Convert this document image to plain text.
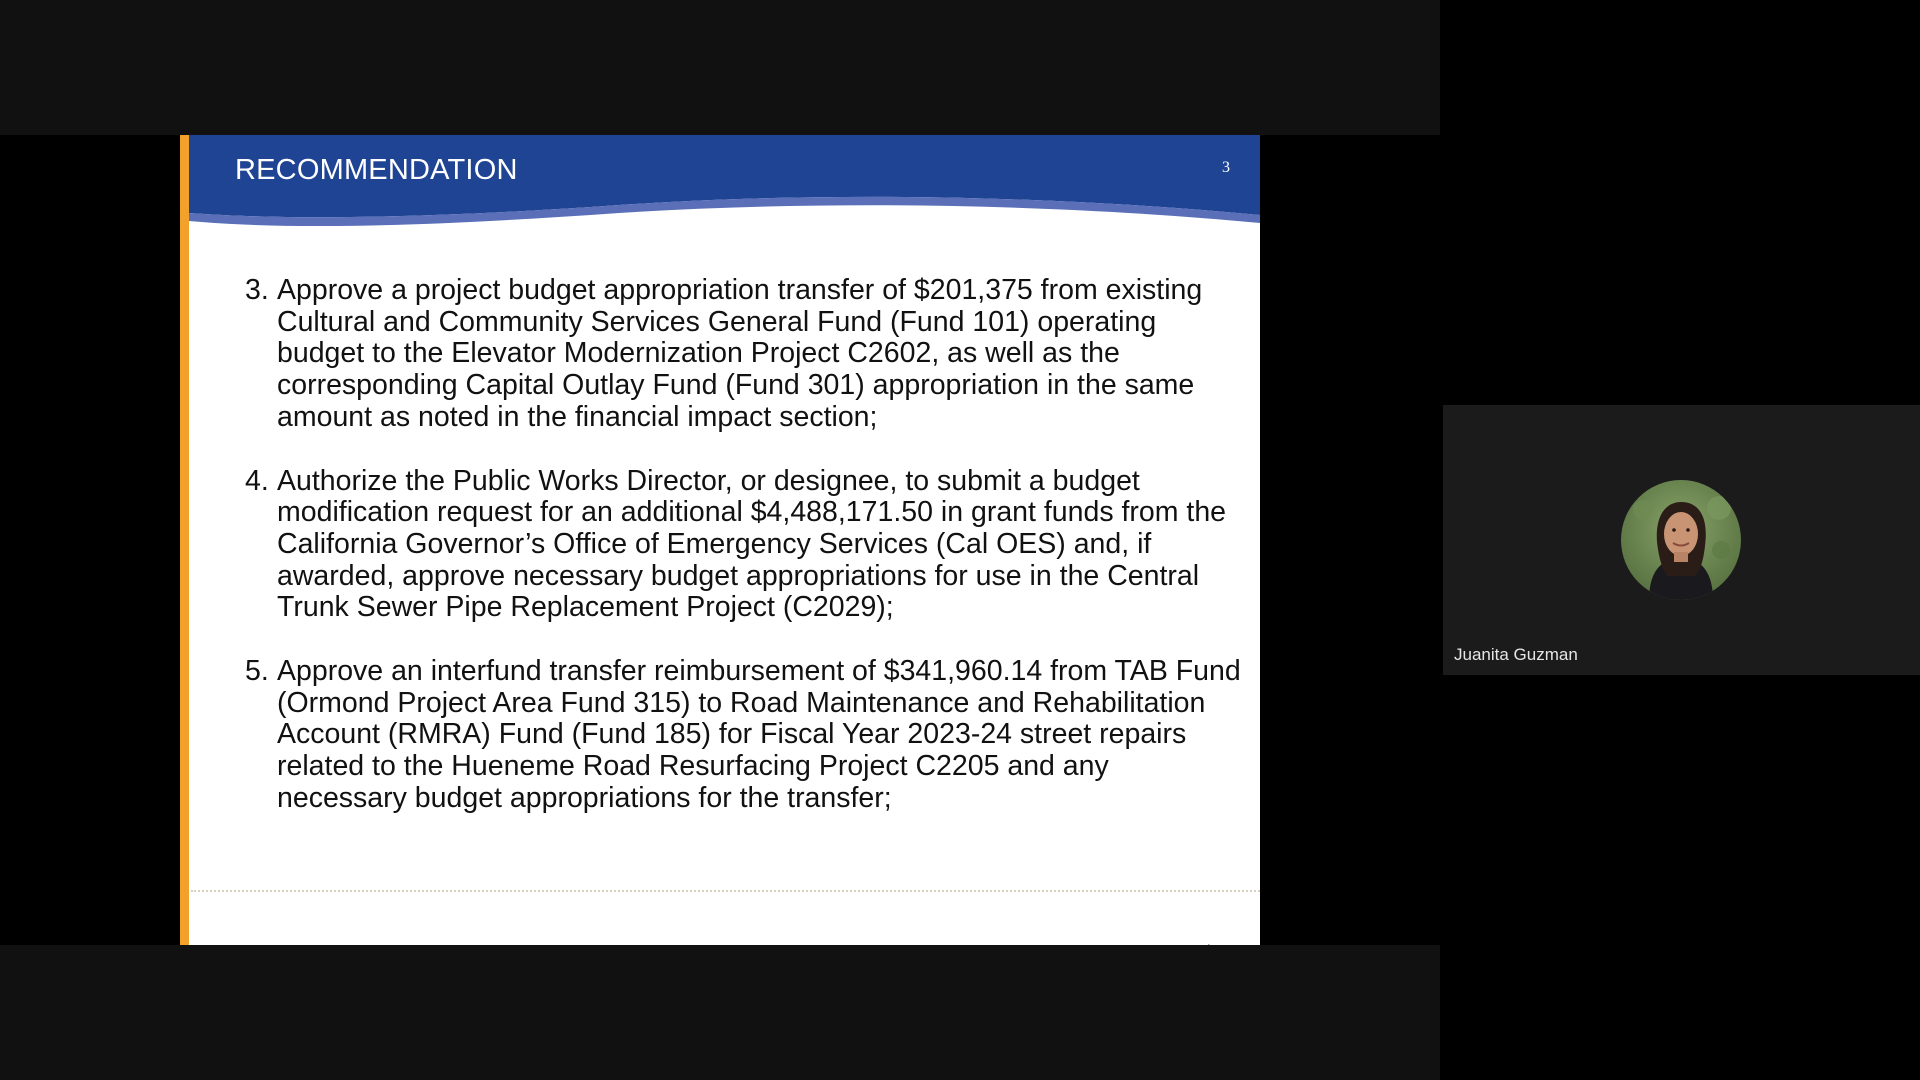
RECOMMENDATION	3
3. Approve a project budget appropriation transfer of $201,375 from existing Cultural and Community Services General Fund (Fund 101) operating budget to the Elevator Modernization Project C2602, as well as the corresponding Capital Outlay Fund (Fund 301) appropriation in the same amount as noted in the financial impact section;
4. Authorize the Public Works Director, or designee, to submit a budget modification request for an additional $4,488,171.50 in grant funds from the California Governor’s Office of Emergency Services (Cal OES) and, if awarded, approve necessary budget appropriations for use in the Central Trunk Sewer Pipe Replacement Project (C2029);
5. Approve an interfund transfer reimbursement of $341,960.14 from TAB Fund (Ormond Project Area Fund 315) to Road Maintenance and Rehabilitation Account (RMRA) Fund (Fund 185) for Fiscal Year 2023-24 street repairs related to the Hueneme Road Resurfacing Project C2205 and any necessary budget appropriations for the transfer;
Juanita Guzman
